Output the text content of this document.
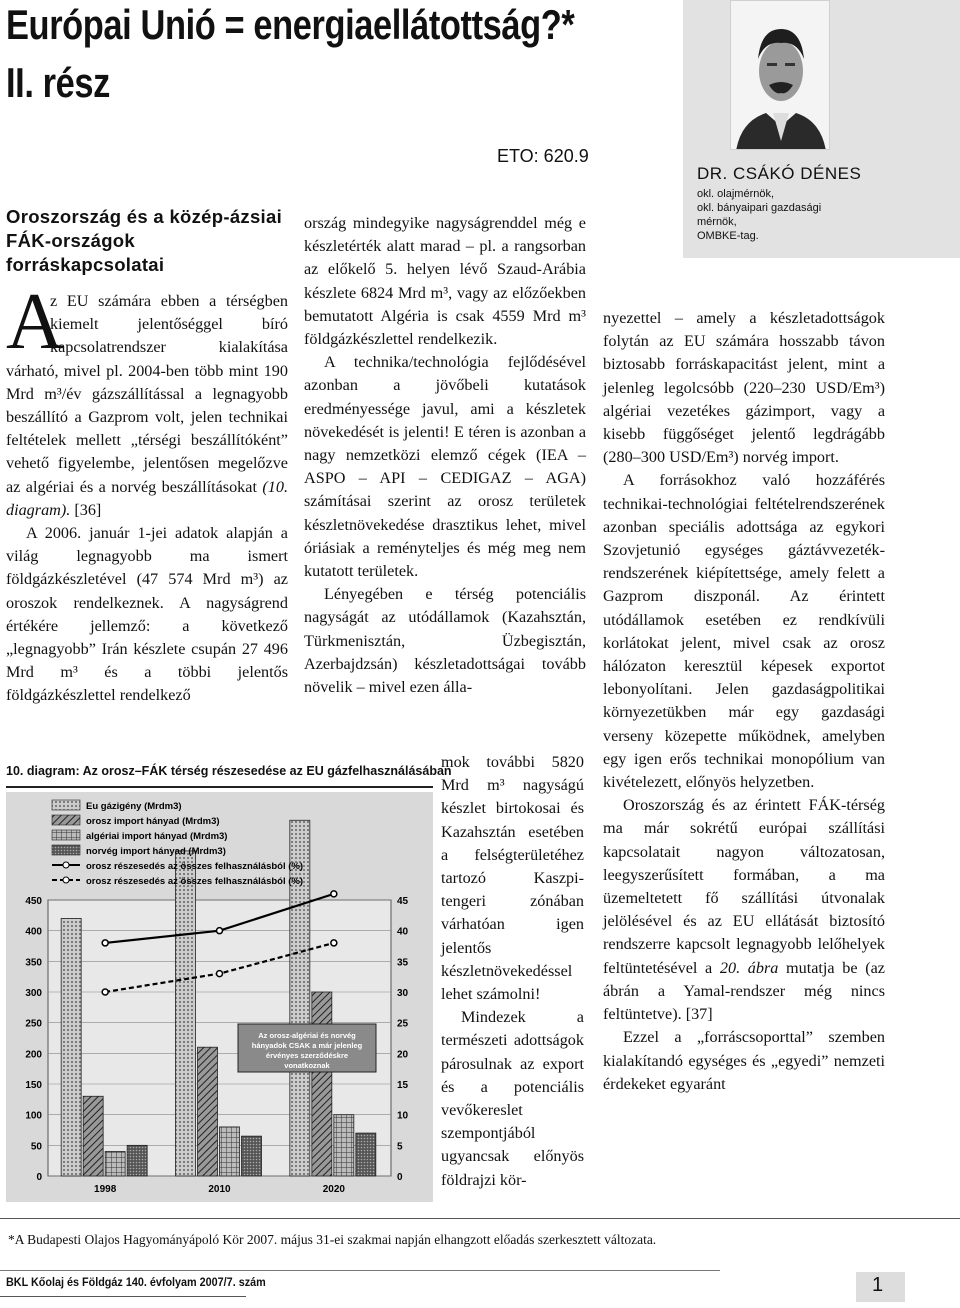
Európai Unió = energiaellátottság?*
II. rész
ETO: 620.9
DR. CSÁKÓ DÉNES
okl. olajmérnök,
okl. bányaipari gazdasági
mérnök,
OMBKE-tag.
Oroszország és a közép-ázsiai FÁK-országok forráskapcsolatai

A
z EU számára ebben a térségben kiemelt jelentőséggel bíró kapcsolatrendszer kialakítása várható, mivel pl. 2004-ben több mint 190 Mrd m³/év gázszállítással a legnagyobb beszállító a Gazprom volt, jelen technikai feltételek mellett „térségi beszállítóként” vehető figyelembe, jelentősen megelőzve az algériai és a norvég beszállításokat (10. diagram). [36]

A 2006. január 1-jei adatok alapján a világ legnagyobb ma ismert földgázkészletével (47 574 Mrd m³) az oroszok rendelkeznek. A nagyságrend értékére jellemző: a következő „legnagyobb” Irán készlete csupán 27 496 Mrd m³ és a többi jelentős földgázkészlettel rendelkező

ország mindegyike nagyságrenddel még e készletérték alatt marad – pl. a rangsorban az előkelő 5. helyen lévő Szaud-Arábia készlete 6824 Mrd m³, vagy az előzőekben bemutatott Algéria is csak 4559 Mrd m³ földgázkészlettel rendelkezik.

A technika/technológia fejlődésével azonban a jövőbeli kutatások eredményessége javul, ami a készletek növekedését is jelenti! E téren is azonban a nagy nemzetközi elemző cégek (IEA – ASPO – API – CEDIGAZ – AGA) számításai szerint az orosz területek készletnövekedése drasztikus lehet, mivel óriásiak a reményteljes és még meg nem kutatott területek.

Lényegében e térség potenciális nagyságát az utódállamok (Kazahsztán, Türkmenisztán, Üzbegisztán, Azerbajdzsán) készletadottságai tovább növelik – mivel ezen álla-

mok további 5820 Mrd m³ nagyságú készlet birtokosai és Kazahsztán esetében a felségterületéhez tartozó Kaszpi-tengeri zónában várhatóan igen jelentős készletnövekedéssel lehet számolni!

Mindezek a természeti adottságok párosulnak az export és a potenciális vevőkereslet szempontjából ugyancsak előnyös földrajzi kör-

nyezettel – amely a készletadottságok folytán az EU számára hosszabb távon biztosabb forráskapacitást jelent, mint a jelenleg legolcsóbb (220–230 USD/Em³) algériai vezetékes gázimport, vagy a kisebb függőséget jelentő legdrágább (280–300 USD/Em³) norvég import.

A forrásokhoz való hozzáférés technikai-technológiai feltételrendszerének azonban speciális adottsága az egykori Szovjetunió egységes gáztávvezeték-rendszerének kiépítettsége, amely felett a Gazprom diszponál. Az érintett utódállamok esetében ez rendkívüli korlátokat jelent, mivel csak az orosz hálózaton keresztül képesek exportot lebonyolítani. Jelen gazdaságpolitikai környezetükben már egy gazdasági verseny közepette működnek, amelyben egy igen erős technikai monopólium van kivételezett, előnyös helyzetben.

Oroszország és az érintett FÁK-térség ma már sokrétű európai szállítási kapcsolatait nagyon változatosan, leegyszerűsített formában, a ma üzemeltetett fő szállítási útvonalak jelölésével és az EU ellátását biztosító rendszerre kapcsolt legnagyobb lelőhelyek feltüntetésével a 20. ábra mutatja be (az ábrán a Yamal-rendszer még nincs feltüntetve). [37]

Ezzel a „forráscsoporttal” szemben kialakítandó egységes és „egyedi” nemzeti érdekeket egyaránt

10. diagram: Az orosz–FÁK térség részesedése az EU gázfelhasználásában
0
50
100
150
200
250
300
350
400
450
0
5
10
15
20
25
30
35
40
45
1998	2010	2020
Eu gázigény (Mrdm3)
orosz import hányad (Mrdm3)
algériai import hányad (Mrdm3)
norvég import hányad (Mrdm3)
orosz részesedés az összes felhasználásból (%)
orosz részesedés az összes felhasználásból (%)
Az orosz-algériai és norvég hányadok CSAK a már jelenleg érvényes szerződéskre vonatkoznak
*A Budapesti Olajos Hagyományápoló Kör 2007. május 31-ei szakmai napján elhangzott előadás szerkesztett változata.
BKL Kőolaj és Földgáz 140. évfolyam 2007/7. szám	1
